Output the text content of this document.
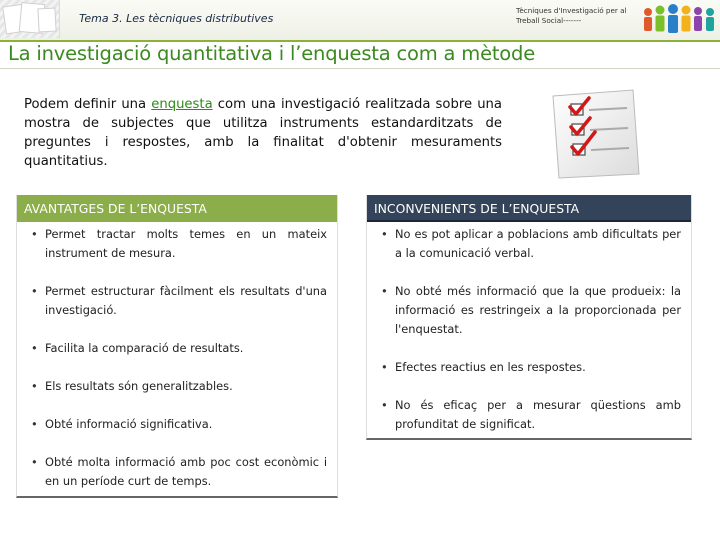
Tema 3. Les tècniques distributives
Tècniques d'Investigació per al Treball Social-------
La investigació quantitativa i l’enquesta com a mètode

Podem definir una enquesta com una investigació realitzada sobre una mostra de subjectes que utilitza instruments estandarditzats de preguntes i respostes, amb la finalitat d'obtenir mesuraments quantitatius.

AVANTATGES DE L’ENQUESTA
• Permet tractar molts temes en un mateix instrument de mesura.
• Permet estructurar fàcilment els resultats d'una investigació.
• Facilita la comparació de resultats.
• Els resultats són generalitzables.
• Obté informació significativa.
• Obté molta informació amb poc cost econòmic i en un període curt de temps.
INCONVENIENTS DE L’ENQUESTA
• No es pot aplicar a poblacions amb dificultats per a la comunicació verbal.
• No obté més informació que la que produeix: la informació es restringeix a la proporcionada per l'enquestat.
• Efectes reactius en les respostes.
• No és eficaç per a mesurar qüestions amb profunditat de significat.
